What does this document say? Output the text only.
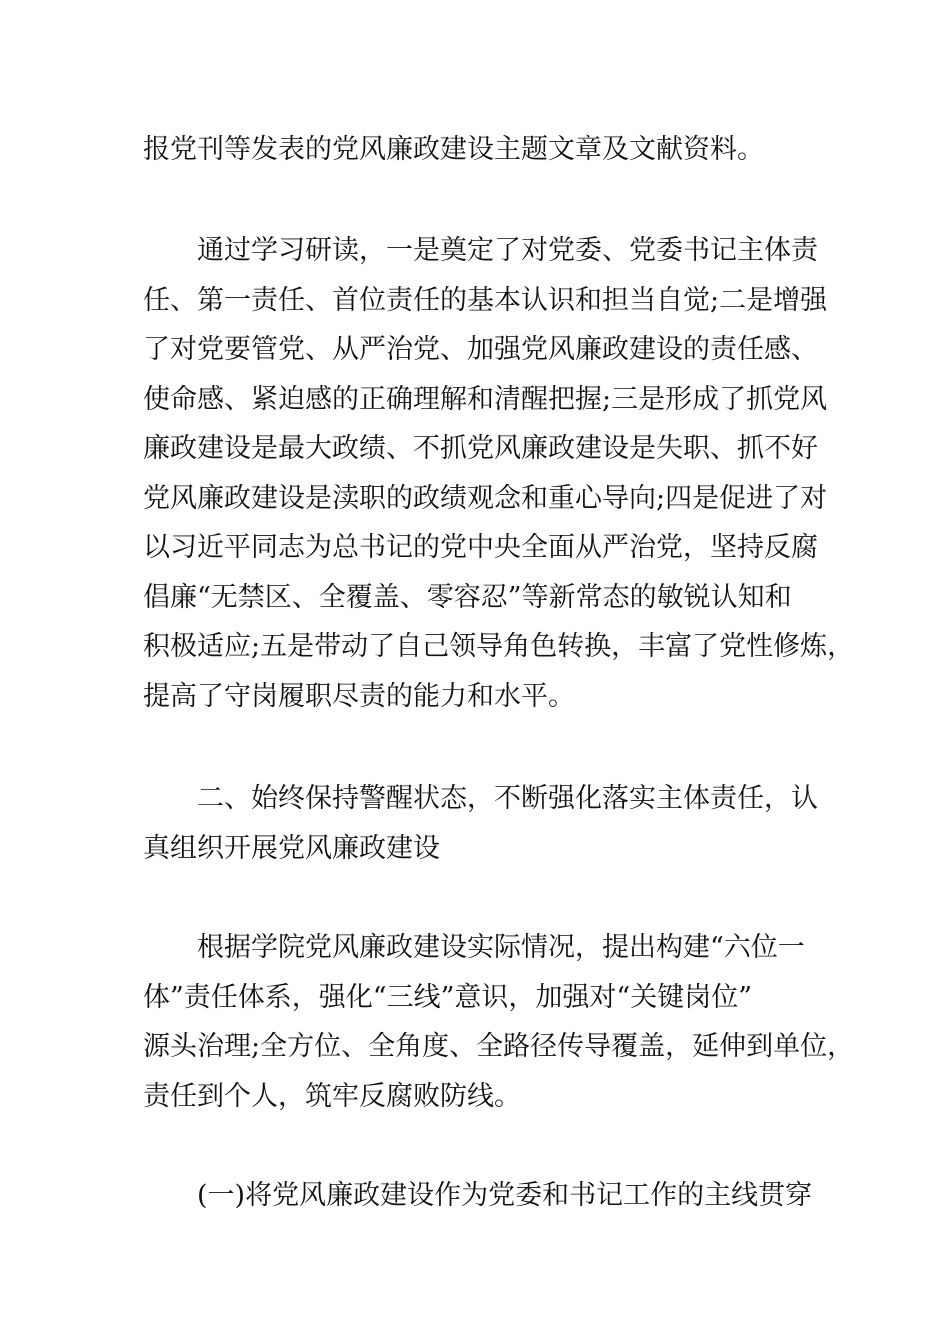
报党刊等发表的党风廉政建设主题文章及文献资料。

通过学习研读，一是奠定了对党委、党委书记主体责
任、第一责任、首位责任的基本认识和担当自觉;二是增强
了对党要管党、从严治党、加强党风廉政建设的责任感、
使命感、紧迫感的正确理解和清醒把握;三是形成了抓党风
廉政建设是最大政绩、不抓党风廉政建设是失职、抓不好
党风廉政建设是渎职的政绩观念和重心导向;四是促进了对
以习近平同志为总书记的党中央全面从严治党，坚持反腐
倡廉“无禁区、全覆盖、零容忍”等新常态的敏锐认知和
积极适应;五是带动了自己领导角色转换，丰富了党性修炼，
提高了守岗履职尽责的能力和水平。

二、始终保持警醒状态，不断强化落实主体责任，认
真组织开展党风廉政建设

根据学院党风廉政建设实际情况，提出构建“六位一
体”责任体系，强化“三线”意识，加强对“关键岗位”
源头治理;全方位、全角度、全路径传导覆盖，延伸到单位，
责任到个人，筑牢反腐败防线。

(一)将党风廉政建设作为党委和书记工作的主线贯穿
